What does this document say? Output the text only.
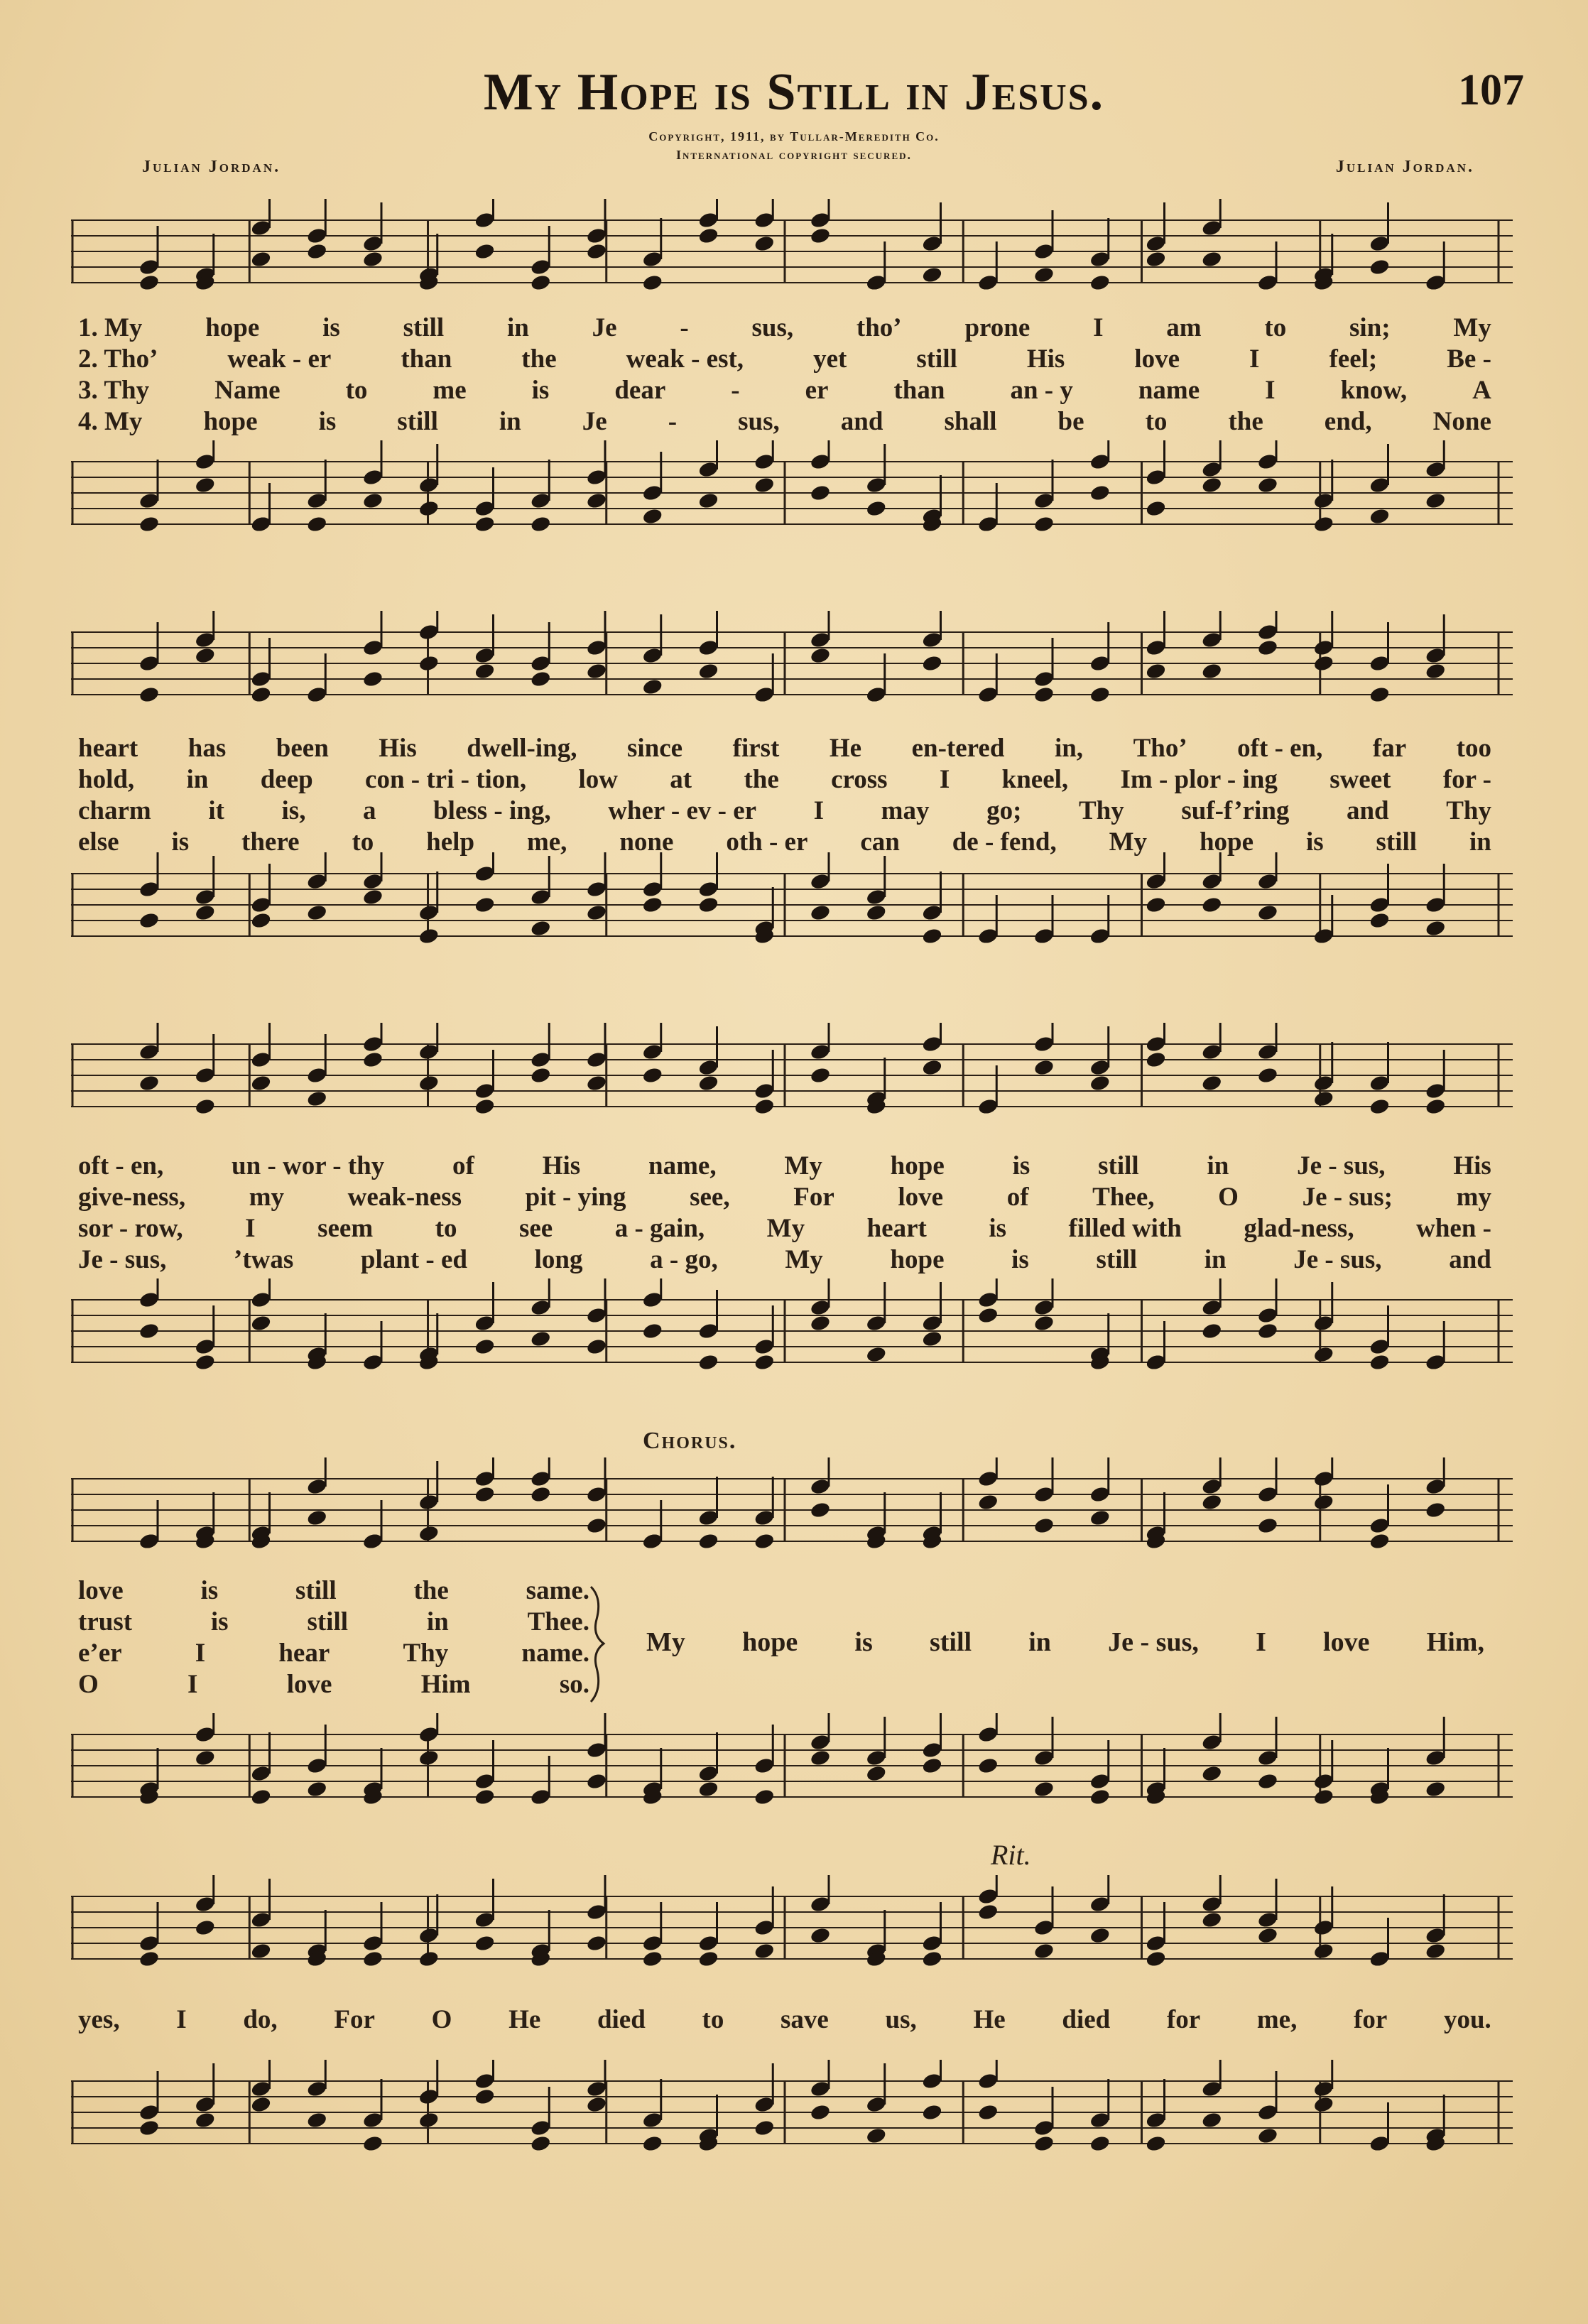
My Hope is Still in Jesus.	107
Copyright, 1911, by Tullar-Meredith Co.
International copyright secured.
Julian Jordan.	Julian Jordan.
1. My hope is still in Je - sus, tho’ prone I am to sin; My
2. Tho’	weak - er	than	the	weak - est,	yet	still	His	love	I	feel;	Be -
3. Thy Name to me is dear - er than an - y name I know, A
4. My hope is still in Je - sus, and shall be to the end, None
heart has been His dwell-ing, since first He en-tered in, Tho’ oft - en, far too
hold, in deep con - tri - tion, low at the cross I kneel, Im - plor - ing sweet for -
charm it is, a bless - ing, wher - ev - er I may go; Thy suf-f’ring and Thy
else is there to help me, none oth - er can de - fend, My hope is still in
oft - en,	un - wor - thy	of	His	name,	My	hope	is	still	in	Je - sus,	His
give-ness, my weak-ness pit - ying see, For love of Thee, O Je - sus; my
sor - row, I seem to see a - gain, My heart is filled with glad-ness, when -
Je - sus,	’twas	plant - ed	long	a - go,	My	hope	is	still	in	Je - sus,	and
Chorus.
love	is	still	the	same.
trust	is	still	in	Thee.
e’er	I	hear	Thy	name.
O	I	love	Him	so.
My hope is still in Je - sus, I love Him,
Rit.
yes, I do, For O He died to save us, He died for me, for you.
